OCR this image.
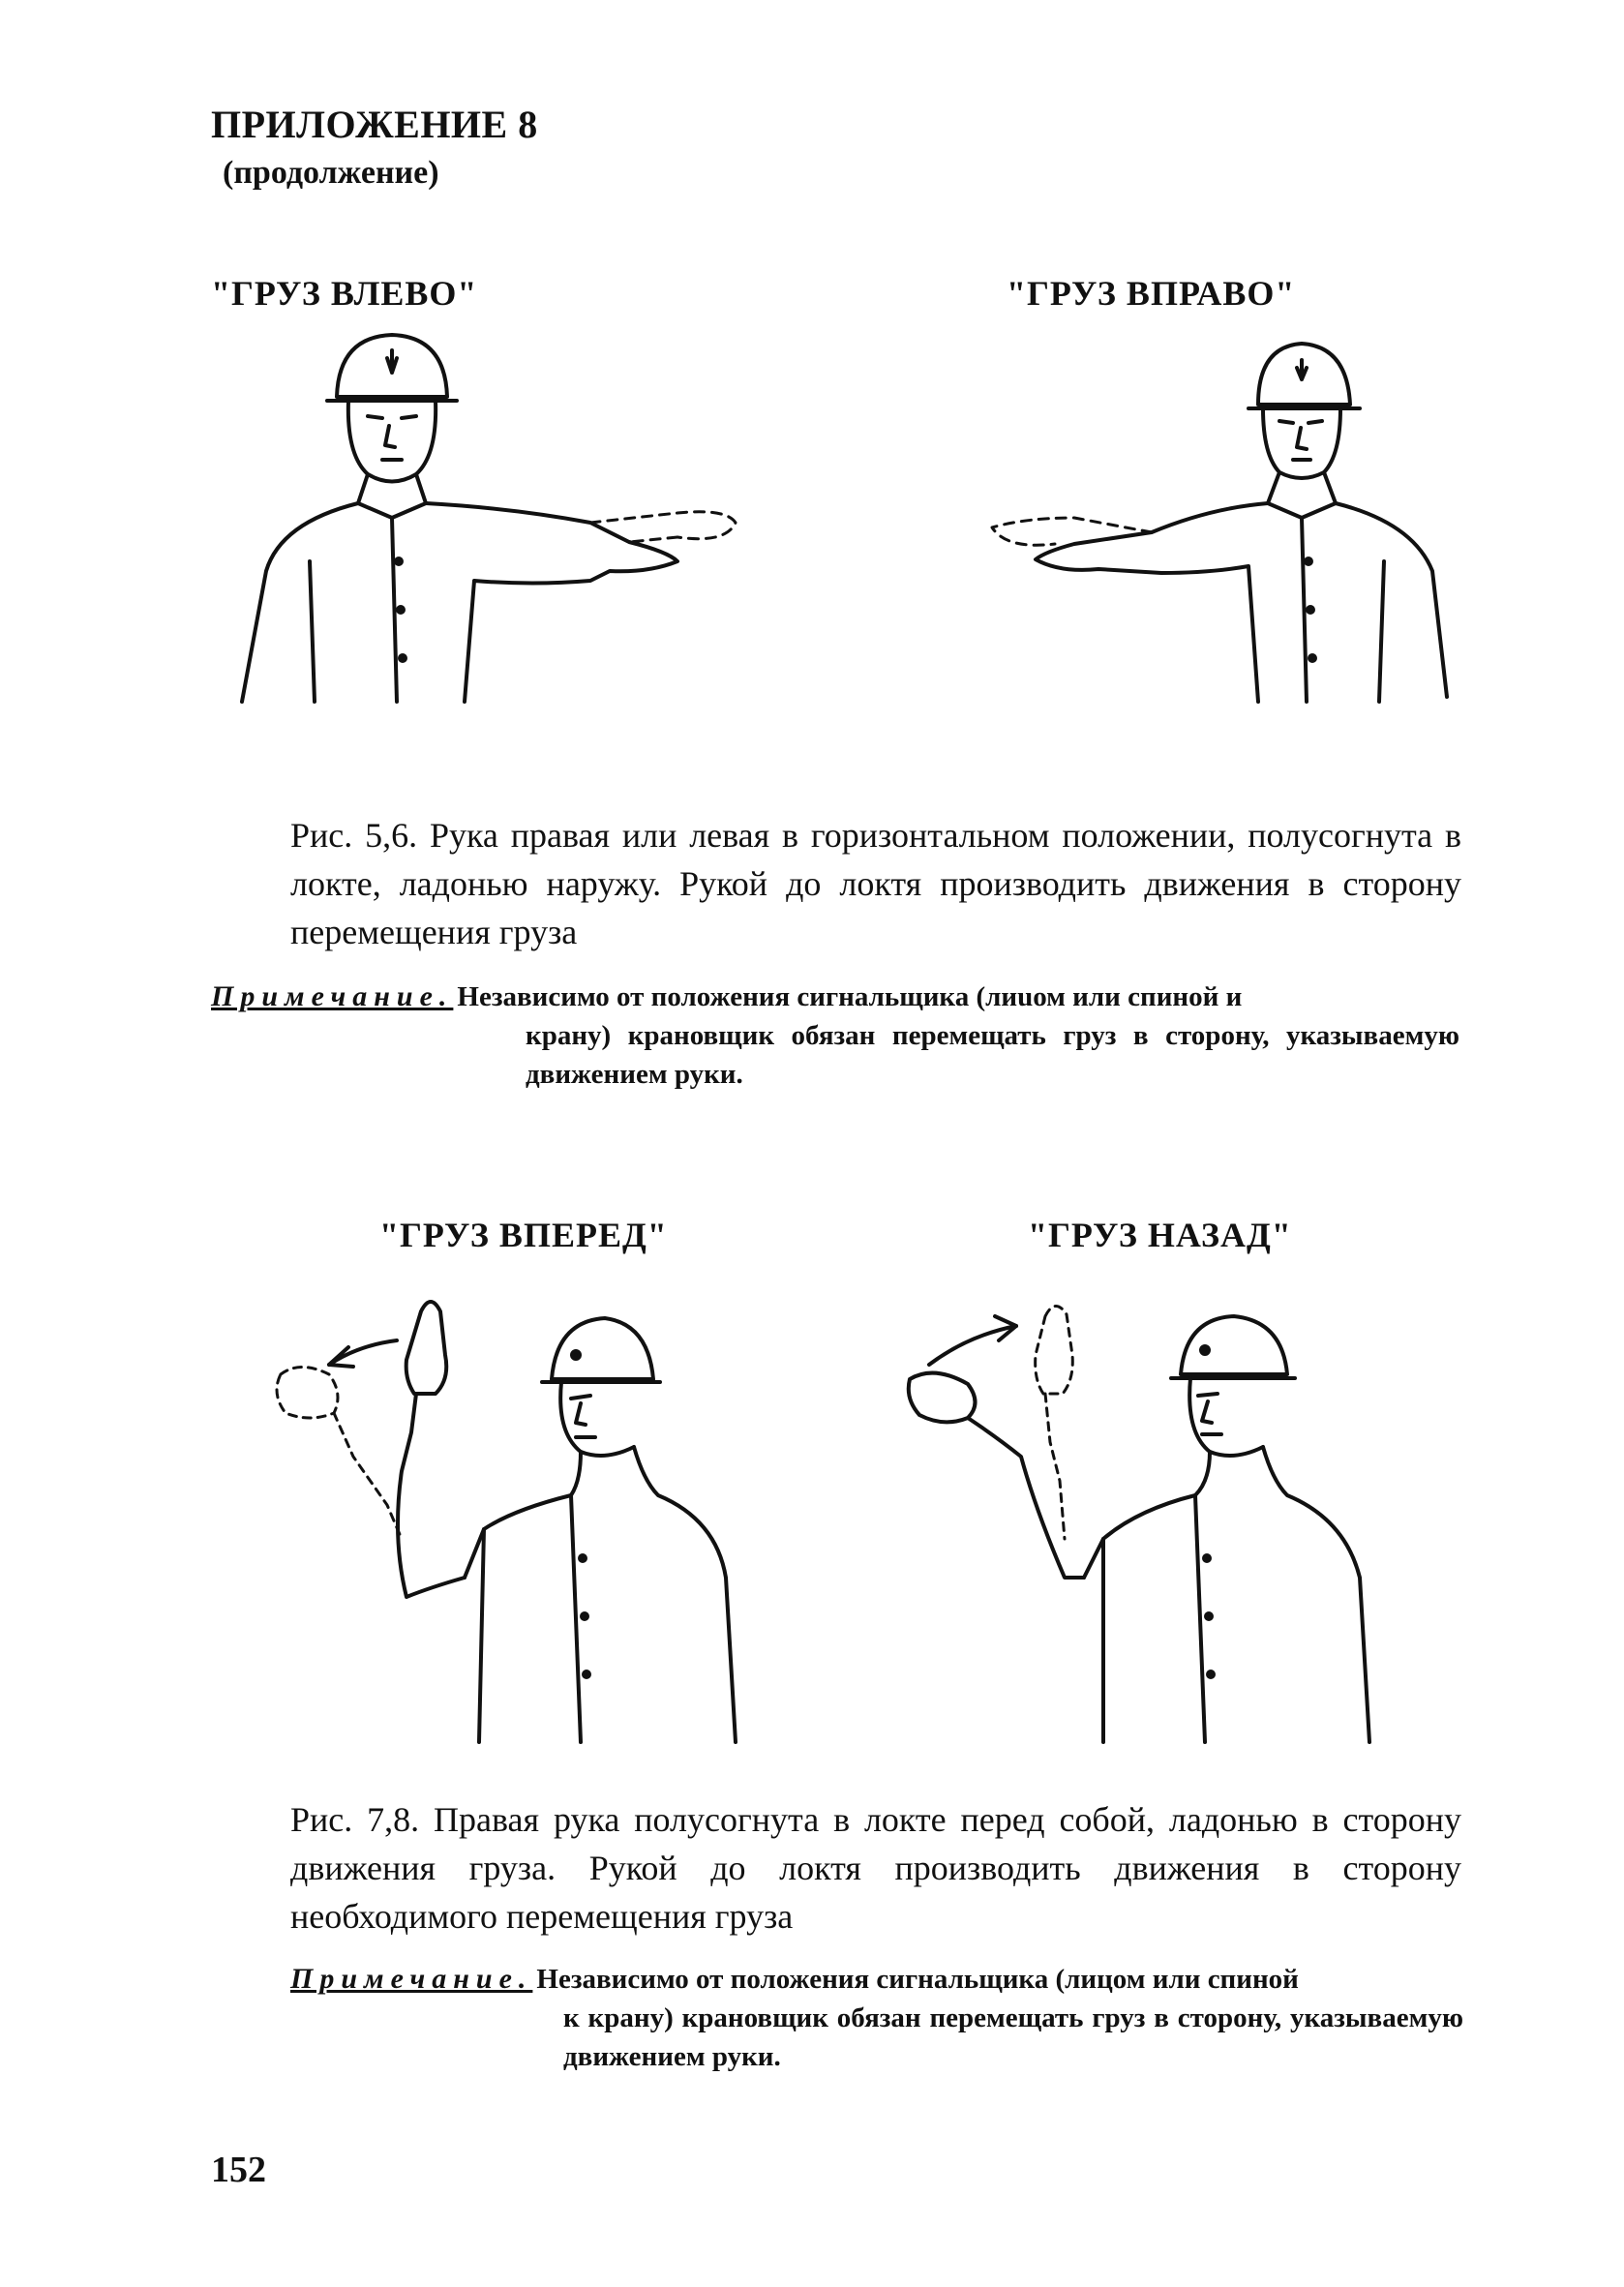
ПРИЛОЖЕНИЕ 8
(продолжение)
"ГРУЗ ВЛЕВО"	"ГРУЗ ВПРАВО"
Рис. 5,6. Рука правая или левая в горизонтальном положении, полусогнута в локте, ладонью наружу. Рукой до локтя производить движения в сторону перемещения груза
Примечание. Независимо от положения сигнальщика (лиuом или спиной и
крану) крановщик обязан перемещать груз в сторону, указываемую движением руки.
"ГРУЗ ВПЕРЕД"	"ГРУЗ НАЗАД"
Рис. 7,8. Правая рука полусогнута в локте перед собой, ладонью в сторону движения груза. Рукой до локтя производить движения в сторону необходимого перемещения груза
Примечание. Независимо от положения сигнальщика (лицом или спиной
к крану) крановщик обязан перемещать груз в сторону, указываемую движением руки.
152
